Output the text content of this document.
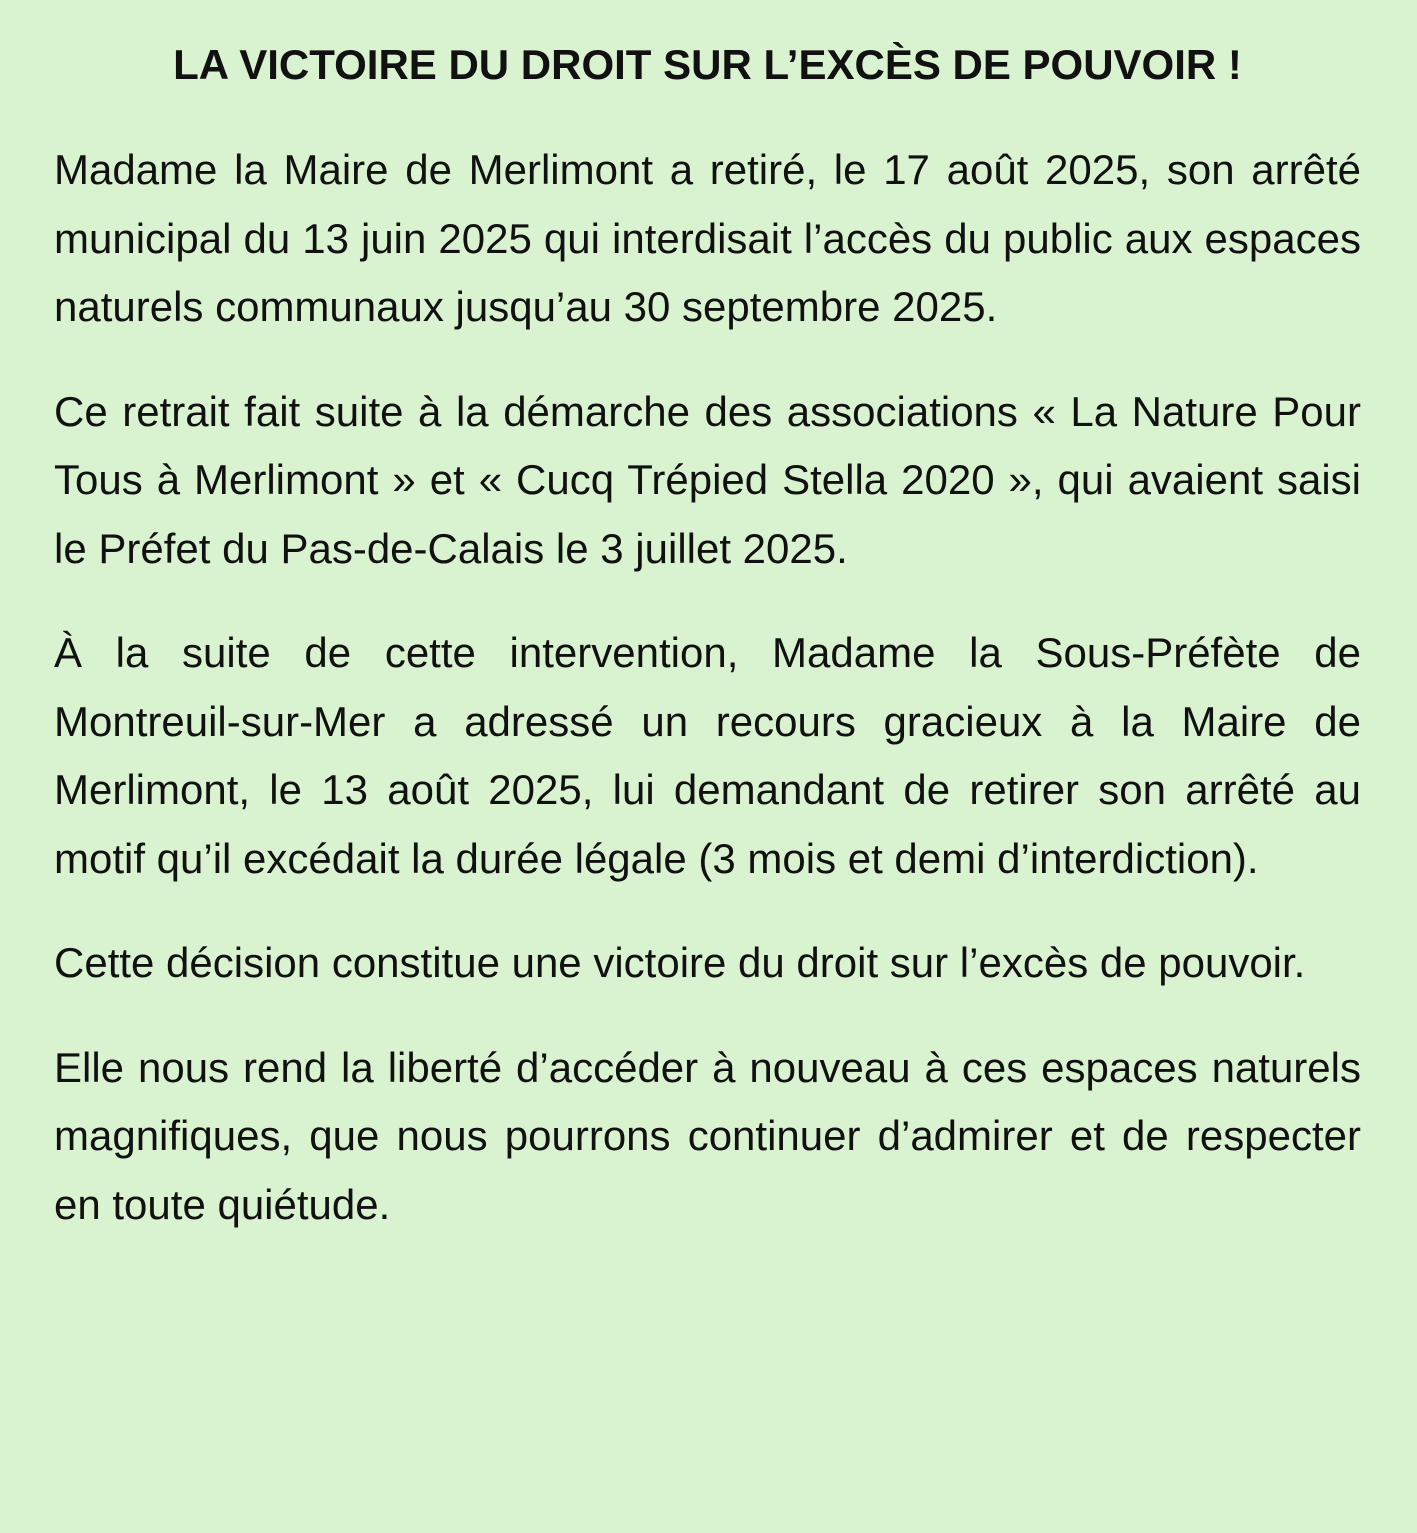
LA VICTOIRE DU DROIT SUR L’EXCÈS DE POUVOIR !

Madame la Maire de Merlimont a retiré, le 17 août 2025, son arrêté municipal du 13 juin 2025 qui interdisait l’accès du public aux espaces naturels communaux jusqu’au 30 septembre 2025.

Ce retrait fait suite à la démarche des associations « La Nature Pour Tous à Merlimont » et « Cucq Trépied Stella 2020 », qui avaient saisi le Préfet du Pas-de-Calais le 3 juillet 2025.

À la suite de cette intervention, Madame la Sous-Préfète de Montreuil-sur-Mer a adressé un recours gracieux à la Maire de Merlimont, le 13 août 2025, lui demandant de retirer son arrêté au motif qu’il excédait la durée légale (3 mois et demi d’interdiction).

Cette décision constitue une victoire du droit sur l’excès de pouvoir.

Elle nous rend la liberté d’accéder à nouveau à ces espaces naturels magnifiques, que nous pourrons continuer d’admirer et de respecter en toute quiétude.
